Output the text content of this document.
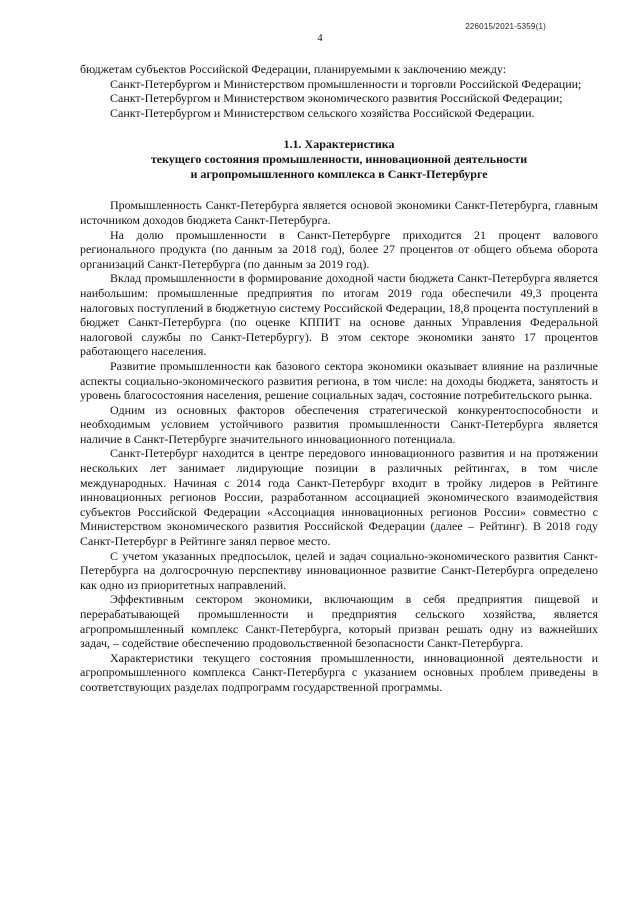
226015/2021-5359(1)
4

бюджетам субъектов Российской Федерации, планируемыми к заключению между:

Санкт-Петербургом и Министерством промышленности и торговли Российской Федерации;

Санкт-Петербургом и Министерством экономического развития Российской Федерации;

Санкт-Петербургом и Министерством сельского хозяйства Российской Федерации.

1.1. Характеристика
текущего состояния промышленности, инновационной деятельности
и агропромышленного комплекса в Санкт-Петербурге

Промышленность Санкт-Петербурга является основой экономики Санкт-Петербурга, главным источником доходов бюджета Санкт-Петербурга.

На долю промышленности в Санкт-Петербурге приходится 21 процент валового регионального продукта (по данным за 2018 год), более 27 процентов от общего объема оборота организаций Санкт-Петербурга (по данным за 2019 год).

Вклад промышленности в формирование доходной части бюджета Санкт-Петербурга является наибольшим: промышленные предприятия по итогам 2019 года обеспечили 49,3 процента налоговых поступлений в бюджетную систему Российской Федерации, 18,8 процента поступлений в бюджет Санкт-Петербурга (по оценке КППИТ на основе данных Управления Федеральной налоговой службы по Санкт-Петербургу). В этом секторе экономики занято 17 процентов работающего населения.

Развитие промышленности как базового сектора экономики оказывает влияние на различные аспекты социально-экономического развития региона, в том числе: на доходы бюджета, занятость и уровень благосостояния населения, решение социальных задач, состояние потребительского рынка.

Одним из основных факторов обеспечения стратегической конкурентоспособности и необходимым условием устойчивого развития промышленности Санкт-Петербурга является наличие в Санкт-Петербурге значительного инновационного потенциала.

Санкт-Петербург находится в центре передового инновационного развития и на протяжении нескольких лет занимает лидирующие позиции в различных рейтингах, в том числе международных. Начиная с 2014 года Санкт-Петербург входит в тройку лидеров в Рейтинге инновационных регионов России, разработанном ассоциацией экономического взаимодействия субъектов Российской Федерации «Ассоциация инновационных регионов России» совместно с Министерством экономического развития Российской Федерации (далее – Рейтинг). В 2018 году Санкт-Петербург в Рейтинге занял первое место.

С учетом указанных предпосылок, целей и задач социально-экономического развития Санкт-Петербурга на долгосрочную перспективу инновационное развитие Санкт-Петербурга определено как одно из приоритетных направлений.

Эффективным сектором экономики, включающим в себя предприятия пищевой и перерабатывающей промышленности и предприятия сельского хозяйства, является агропромышленный комплекс Санкт-Петербурга, который призван решать одну из важнейших задач, – содействие обеспечению продовольственной безопасности Санкт-Петербурга.

Характеристики текущего состояния промышленности, инновационной деятельности и агропромышленного комплекса Санкт-Петербурга с указанием основных проблем приведены в соответствующих разделах подпрограмм государственной программы.
